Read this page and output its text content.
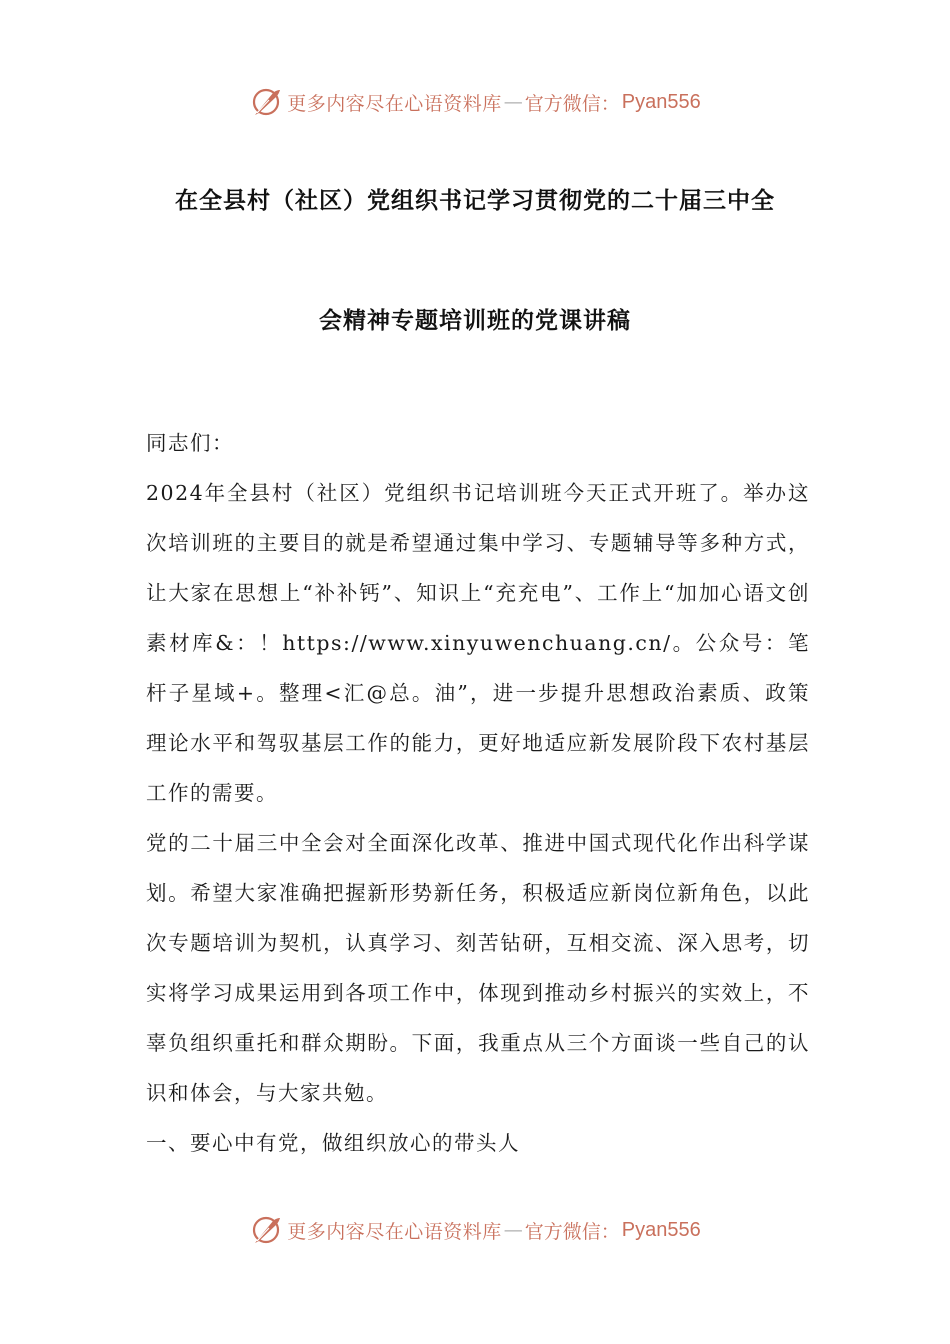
更多内容尽在心语资料库 — 官方微信： Pyan556
在全县村（社区）党组织书记学习贯彻党的二十届三中全
会精神专题培训班的党课讲稿

同志们：

2024年全县村（社区）党组织书记培训班今天正式开班了。举办这次培训班的主要目的就是希望通过集中学习、专题辅导等多种方式，让大家在思想上“补补钙”、知识上“充充电”、工作上“加加心语文创素材库&：！https://www.xinyuwenchuang.cn/。公众号：笔杆子星域+。整理<汇@总。油”，进一步提升思想政治素质、政策理论水平和驾驭基层工作的能力，更好地适应新发展阶段下农村基层工作的需要。

党的二十届三中全会对全面深化改革、推进中国式现代化作出科学谋划。希望大家准确把握新形势新任务，积极适应新岗位新角色，以此次专题培训为契机，认真学习、刻苦钻研，互相交流、深入思考，切实将学习成果运用到各项工作中，体现到推动乡村振兴的实效上，不辜负组织重托和群众期盼。下面，我重点从三个方面谈一些自己的认识和体会，与大家共勉。

一、要心中有党，做组织放心的带头人

更多内容尽在心语资料库 — 官方微信： Pyan556
